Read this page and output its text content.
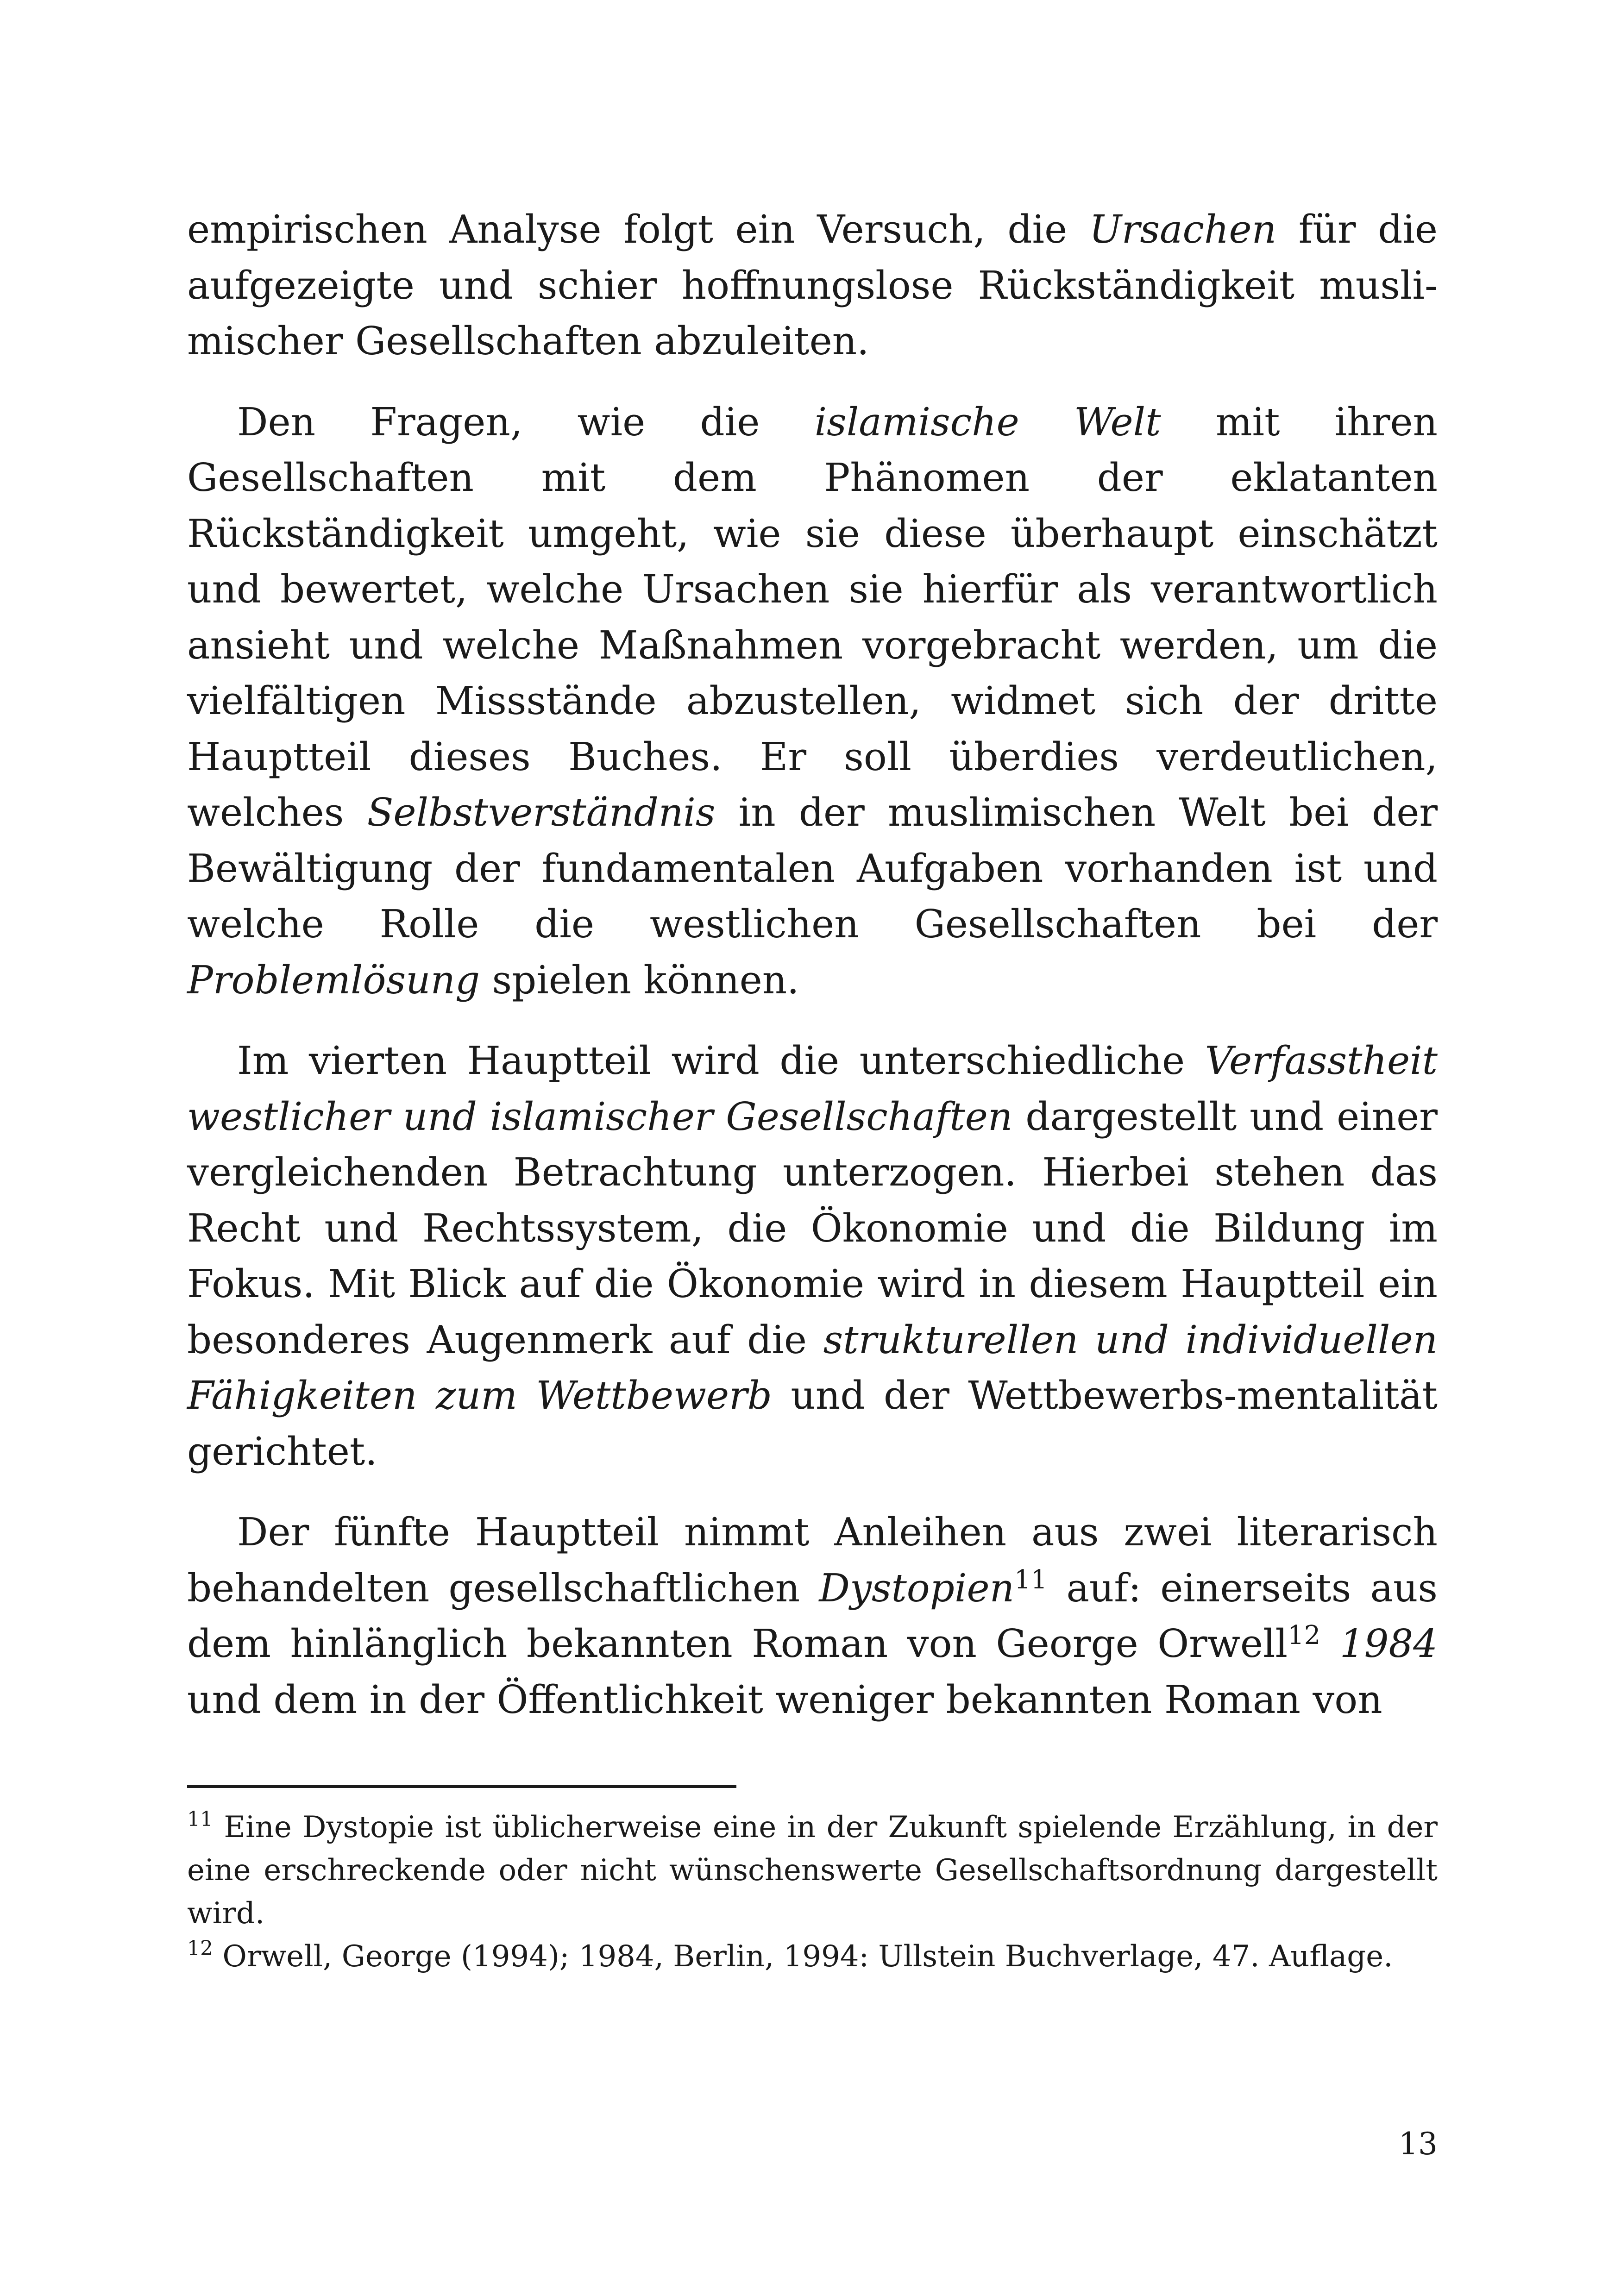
empirischen Analyse folgt ein Versuch, die Ursachen für die aufgezeigte und schier hoffnungslose Rückständigkeit muslimischer Gesellschaften abzuleiten.

Den Fragen, wie die islamische Welt mit ihren Gesellschaften mit dem Phänomen der eklatanten Rückständigkeit umgeht, wie sie diese überhaupt einschätzt und bewertet, welche Ursachen sie hierfür als verantwortlich ansieht und welche Maßnahmen vorgebracht werden, um die vielfältigen Missstände abzustellen, widmet sich der dritte Hauptteil dieses Buches. Er soll überdies verdeutlichen, welches Selbstverständnis in der muslimischen Welt bei der Bewältigung der fundamentalen Aufgaben vorhanden ist und welche Rolle die westlichen Gesellschaften bei der Problemlösung spielen können.

Im vierten Hauptteil wird die unterschiedliche Verfasstheit westlicher und islamischer Gesellschaften dargestellt und einer vergleichenden Betrachtung unterzogen. Hierbei stehen das Recht und Rechtssystem, die Ökonomie und die Bildung im Fokus. Mit Blick auf die Ökonomie wird in diesem Hauptteil ein besonderes Augenmerk auf die strukturellen und individuellen Fähigkeiten zum Wettbewerb und der Wettbewerbs-mentalität gerichtet.

Der fünfte Hauptteil nimmt Anleihen aus zwei literarisch behandelten gesellschaftlichen Dystopien$^{11}$ auf: einerseits aus dem hinlänglich bekannten Roman von George Orwell$^{12}$ 1984 und dem in der Öffentlichkeit weniger bekannten Roman von

$^{11}$ Eine Dystopie ist üblicherweise eine in der Zukunft spielende Erzählung, in der eine erschreckende oder nicht wünschenswerte Gesellschaftsordnung dargestellt wird.

$^{12}$ Orwell, George (1994); 1984, Berlin, 1994: Ullstein Buchverlage, 47. Auflage.

13
